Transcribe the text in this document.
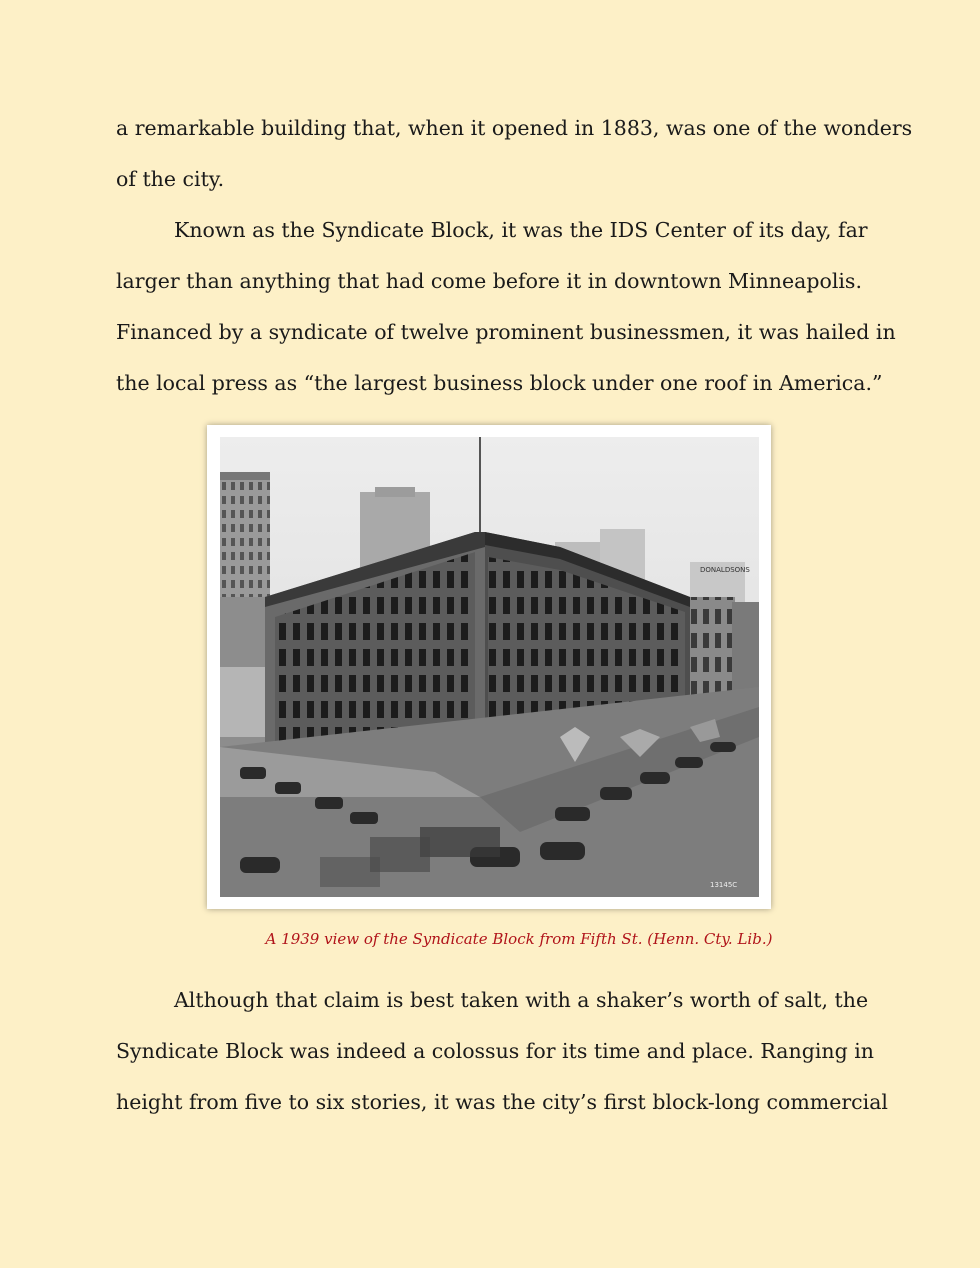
a remarkable building that, when it opened in 1883, was one of the wonders
of the city.

Known as the Syndicate Block, it was the IDS Center of its day, far
larger than anything that had come before it in downtown Minneapolis.
Financed by a syndicate of twelve prominent businessmen, it was hailed in
the local press as “the largest business block under one roof in America.”

DONALDSONS
13145C
A 1939 view of the Syndicate Block from Fifth St. (Henn. Cty. Lib.)

Although that claim is best taken with a shaker’s worth of salt, the
Syndicate Block was indeed a colossus for its time and place. Ranging in
height from five to six stories, it was the city’s first block-long commercial
